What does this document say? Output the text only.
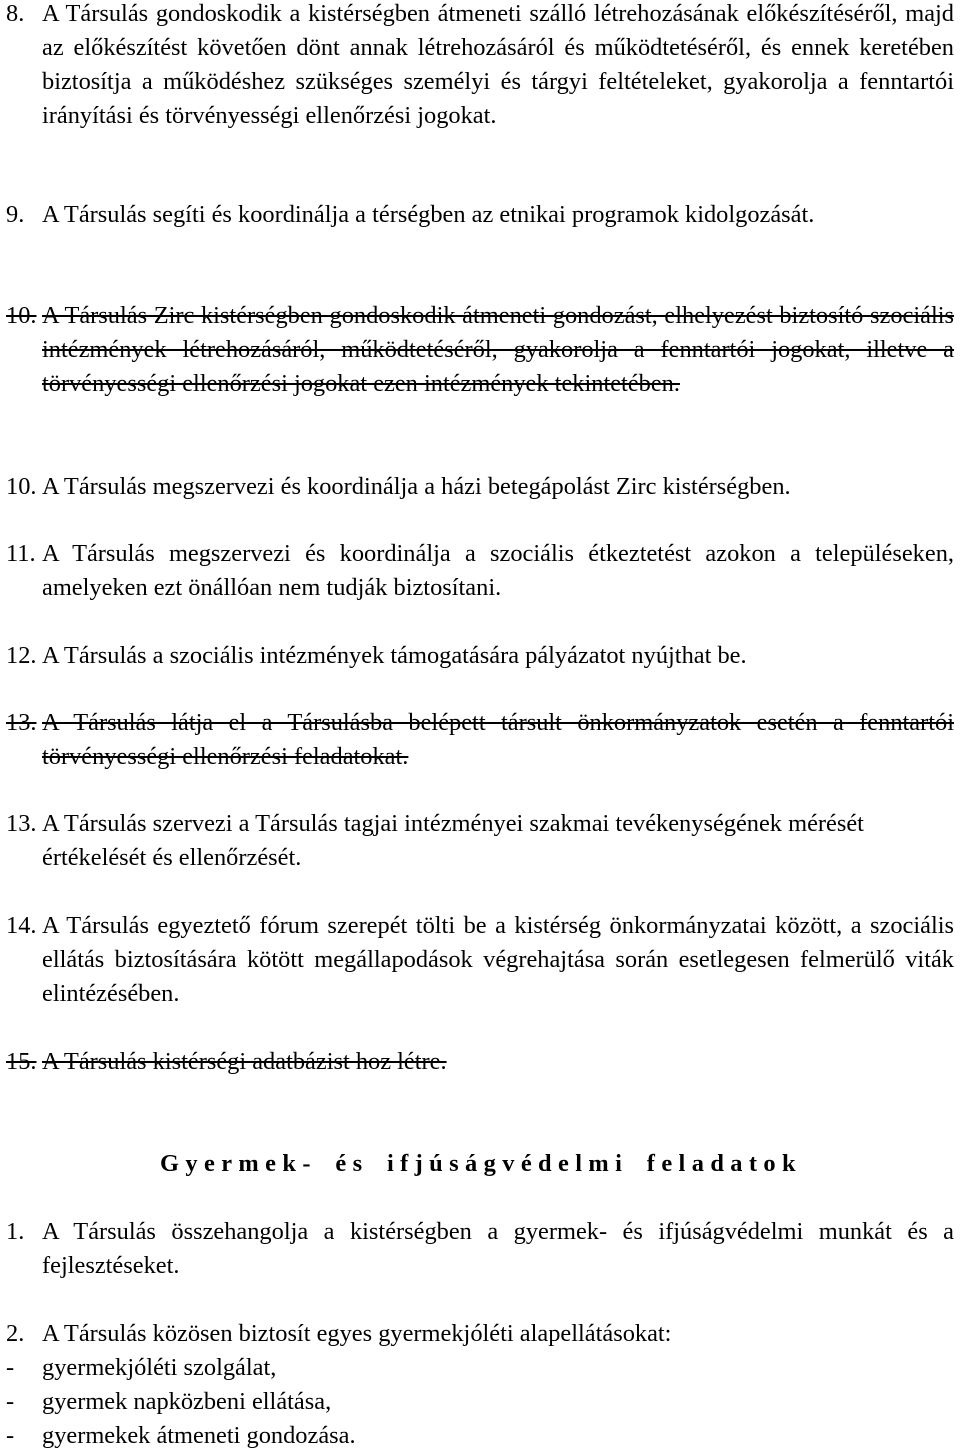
8. A Társulás gondoskodik a kistérségben átmeneti szálló létrehozásának előkészítéséről, majd az előkészítést követően dönt annak létrehozásáról és működtetéséről, és ennek keretében biztosítja a működéshez szükséges személyi és tárgyi feltételeket, gyakorolja a fenntartói irányítási és törvényességi ellenőrzési jogokat.

9. A Társulás segíti és koordinálja a térségben az etnikai programok kidolgozását.

10. A Társulás Zirc kistérségben gondoskodik átmeneti gondozást, elhelyezést biztosító szociális intézmények létrehozásáról, működtetéséről, gyakorolja a fenntartói jogokat, illetve a törvényességi ellenőrzési jogokat ezen intézmények tekintetében.

10. A Társulás megszervezi és koordinálja a házi betegápolást Zirc kistérségben.

11. A Társulás megszervezi és koordinálja a szociális étkeztetést azokon a településeken, amelyeken ezt önállóan nem tudják biztosítani.

12. A Társulás a szociális intézmények támogatására pályázatot nyújthat be.

13. A Társulás látja el a Társulásba belépett társult önkormányzatok esetén a fenntartói törvényességi ellenőrzési feladatokat.

13. A Társulás szervezi a Társulás tagjai intézményei szakmai tevékenységének mérését értékelését és ellenőrzését.

14. A Társulás egyeztető fórum szerepét tölti be a kistérség önkormányzatai között, a szociális ellátás biztosítására kötött megállapodások végrehajtása során esetlegesen felmerülő viták elintézésében.

15. A Társulás kistérségi adatbázist hoz létre.

Gyermek- és ifjúságvédelmi feladatok

1. A Társulás összehangolja a kistérségben a gyermek- és ifjúságvédelmi munkát és a fejlesztéseket.

2. A Társulás közösen biztosít egyes gyermekjóléti alapellátásokat:

- gyermekjóléti szolgálat,
- gyermek napközbeni ellátása,
- gyermekek átmeneti gondozása.
